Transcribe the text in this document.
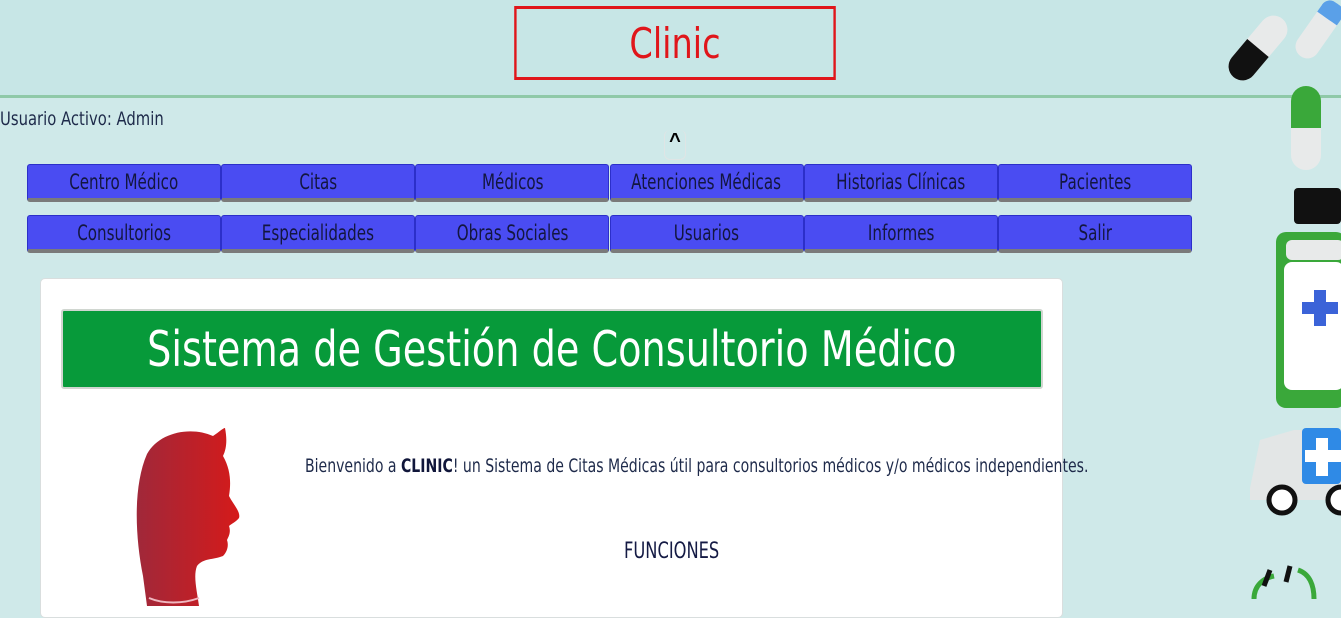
Clinic
Usuario Activo: Admin
^
Centro Médico	Citas	Médicos	Atenciones Médicas	Historias Clínicas	Pacientes
Consultorios	Especialidades	Obras Sociales	Usuarios	Informes	Salir
Sistema de Gestión de Consultorio Médico
Bienvenido a CLINIC! un Sistema de Citas Médicas útil para consultorios médicos y/o médicos independientes.
FUNCIONES
